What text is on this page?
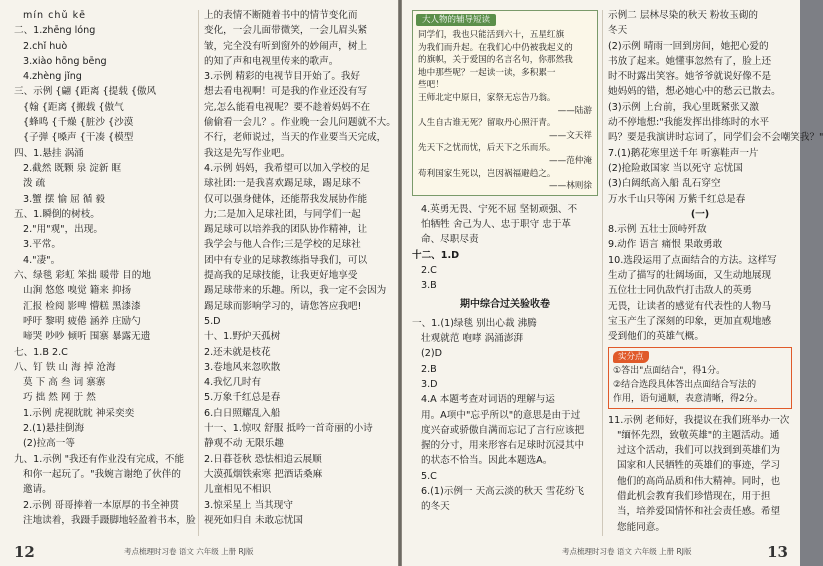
mín chǔ kē
二、1.zhēng lóng
2.chǐ huò
3.xiào hōng bēng
4.zhèng jǐng
三、示例 {翩 {距离 {提载 {傲风
{翰 {距离 {搬载 {傲气
{蜂鸣 {千燥 {脏沙 {沙漠
{子弹 {嗓声 {干凑 {模型
四、1.悬挂 涡涌
2.截然 既颗 泉 淀新 眶
泼 疏
3.蟹 摆 愉 屈 循 毅
五、1.瞬倒的树枝。
2."用"观"，出现。
3.平常。
4."凄"。
六、绿毯 彩虹 笨拙 暖带 目的地
山涧 悠悠 嗅觉 籍来 抑扬
汇报 检阅 影啤 懵糕 黑漆漆
呼吁 黎明 疲倦 涵养 庄励勺
啼哭 吵吵 倾听 围寨 暴露无遗
七、1.B 2.C
八、钉 铁 山 海 掉 沧海
莫 下 高 叁 词 寨寨
巧 拙 然 网 于 然
1.示例 虎视眈眈 神采奕奕
2.(1)悬挂倒海
(2)拉高一等
九、1.示例 "我还有作业没有完成，不能
和你一起玩了。"我婉言谢绝了伙伴的
邀请。
2.示例 哥哥捧着一本原厚的书全神贯
注地读着，我蹑手蹑脚地轻盈着书本，脸
上的表情不断随着书中的情节变化而
变化，一会儿面带微笑，一会儿眉头紧
皱，完全没有听到窗外的妙闹声，树上
的知了声和电视里传来的歌声。
3.示例 精彩的电视节目开始了。我好
想去看电视啊！可是我的作业还没有写
完,怎么能看电视呢？要不趁着妈妈不在
偷偷看一会儿？。作业晚一会儿问题就不大。
不行，老师说过，当天的作业要当天完成，
我这是先写作业吧。
4.示例 妈妈，我希望可以加入学校的足
球社团:一是我喜欢踢足球，踢足球不
仅可以强身健体，还能帮我发展协作能
力;二是加入足球社团，与同学们一起
踢足球可以培养我的团队协作精神，让
我学会与他人合作;三是学校的足球社
团中有专业的足球教练指导我们，可以
提高我的足球技能，让我更好地享受
踢足球带来的乐趣。所以，我一定不会因为
踢足球而影响学习的，请您答应我吧!
5.D
十、1.野炉天孤树
2.还未就是枝花
3.卷地风来忽吹散
4.我忆几时有
5.万象千红总是春
6.白日照耀乱入船
十一、1.惊叹 舒服 抵吟一首奇丽的小诗
静观不动 无限乐趣
2.日暮苍秋 恐怯相追云展顺
大漠孤烟铁索寒 把酒话桑麻
儿童相见不相识
3.惊采星上 当其现守
视死如归自 未敢忘忧国
12	考点梳理时习卷 语文 六年级 上册 RJ版
大人物的辅导短读
同学们，我也只能活到六十，五星红旗
为我们而升起。在我们心中仍被我起义的
的旗帜，关于爱国的名言名句，你那然我
地中那些呢？一起读一读，多积累一
些吧！
王师北定中原日，家祭无忘告乃翁。
——陆游
人生自古谁无死？留取丹心照汗青。
——文天祥
先天下之忧而忧，后天下之乐而乐。
——范仲淹
苟利国家生死以，岂因祸福避趋之。
——林则徐
4.英勇无畏、宁死不屈 坚韧顽强、不
怕牺牲 舍己为人、忠于职守 忠于革
命、尽职尽责
十二、1.D
2.C
3.B
期中综合过关验收卷
一、1.(1)绿毯 别出心裁 沸腾
壮观就范 咆哮 涡涌澎湃
(2)D
2.B
3.D
4.A 本题考查对词语的理解与运
用。A项中"忘乎所以"的意思是由于过
度兴奋或骄傲自满而忘记了言行应该把
握的分寸，用来形容右足球时沉浸其中
的状态不恰当。因此本题选A。
5.C
6.(1)示例一 天高云淡的秋天 雪花纷飞
的冬天
示例二 层林尽染的秋天 粉妆玉砌的
冬天
(2)示例 晴雨一回到房间，她把心爱的
书放了起来。她懂事忽然有了，脸上还
时不时露出笑容。她爷爷就说好像不是
她妈妈的错，想必她心中的愁云已散去。
(3)示例 上台前，我心里既紧张又激
动不停地想:"我能发挥出排练时的水平
吗？要是我演讲时忘词了，同学们会不会嘲笑我？"
7.(1)鹅花寒里送千年 听寨鞋声一片
(2)抢险敢国家 当以死守 忘忧国
(3)白阔纸高入船 乱石穿空
万水千山只等闲 万紫千红总是春
(一)
8.示例 五壮士顶峙歼敌
9.动作 语言 痛恨 果敢勇敢
10.选段运用了点面结合的方法。这样写
生动了描写的壮阔场面，又生动地展现
五位壮士同仇敌忾打击敌人的英勇
无畏，让读者的感觉有代表性的人物马
宝玉产生了深刻的印象，更加直观地感
受到他们的英雄气概。
实分点
①答出"点面结合"，得1分。
②结合选段具体答出点面结合写法的
作用，语句通顺，表意清晰，得2分。
11.示例 老师好，我提议在我们班举办一次
"缅怀先烈，致敬英雄"的主题活动。通
过这个活动，我们可以找到到英雄们为
国家和人民牺牲的英雄们的事迹，学习
他们的高尚品质和伟大精神。同时，也
借此机会教育我们珍惜现在，用于担
当，培养爱国情怀和社会责任感。希望
您能同意。
考点梳理时习卷 语文 六年级 上册 RJ版	13
